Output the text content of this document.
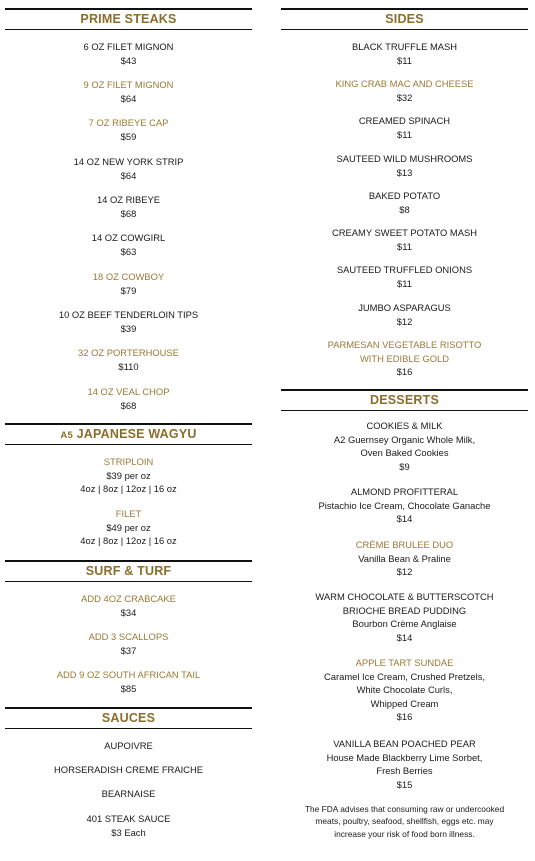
PRIME STEAKS
6 OZ FILET MIGNON
$43
9 OZ FILET MIGNON
$64
7 OZ RIBEYE CAP
$59
14 OZ NEW YORK STRIP
$64
14 OZ RIBEYE
$68
14 OZ COWGIRL
$63
18 OZ COWBOY
$79
10 OZ BEEF TENDERLOIN TIPS
$39
32 OZ PORTERHOUSE
$110
14 OZ VEAL CHOP
$68
A5 JAPANESE WAGYU
STRIPLOIN
$39 per oz
4oz | 8oz | 12oz | 16 oz
FILET
$49 per oz
4oz | 8oz | 12oz | 16 oz
SURF & TURF
ADD 4OZ CRABCAKE
$34
ADD 3 SCALLOPS
$37
ADD 9 OZ SOUTH AFRICAN TAIL
$85
SAUCES
AUPOIVRE
HORSERADISH CREME FRAICHE
BEARNAISE
401 STEAK SAUCE
$3 Each
SIDES
BLACK TRUFFLE MASH
$11
KING CRAB MAC AND CHEESE
$32
CREAMED SPINACH
$11
SAUTEED WILD MUSHROOMS
$13
BAKED POTATO
$8
CREAMY SWEET POTATO MASH
$11
SAUTEED TRUFFLED ONIONS
$11
JUMBO ASPARAGUS
$12
PARMESAN VEGETABLE RISOTTO
WITH EDIBLE GOLD
$16
DESSERTS
COOKIES & MILK
A2 Guernsey Organic Whole Milk,
Oven Baked Cookies
$9
ALMOND PROFITTERAL
Pistachio Ice Cream, Chocolate Ganache
$14
CRÈME BRULEE DUO
Vanilla Bean & Praline
$12
WARM CHOCOLATE & BUTTERSCOTCH
BRIOCHE BREAD PUDDING
Bourbon Crème Anglaise
$14
APPLE TART SUNDAE
Caramel Ice Cream, Crushed Pretzels,
White Chocolate Curls,
Whipped Cream
$16
VANILLA BEAN POACHED PEAR
House Made Blackberry Lime Sorbet,
Fresh Berries
$15
The FDA advises that consuming raw or undercooked
meats, poultry, seafood, shellfish, eggs etc. may
increase your risk of food born illness.
